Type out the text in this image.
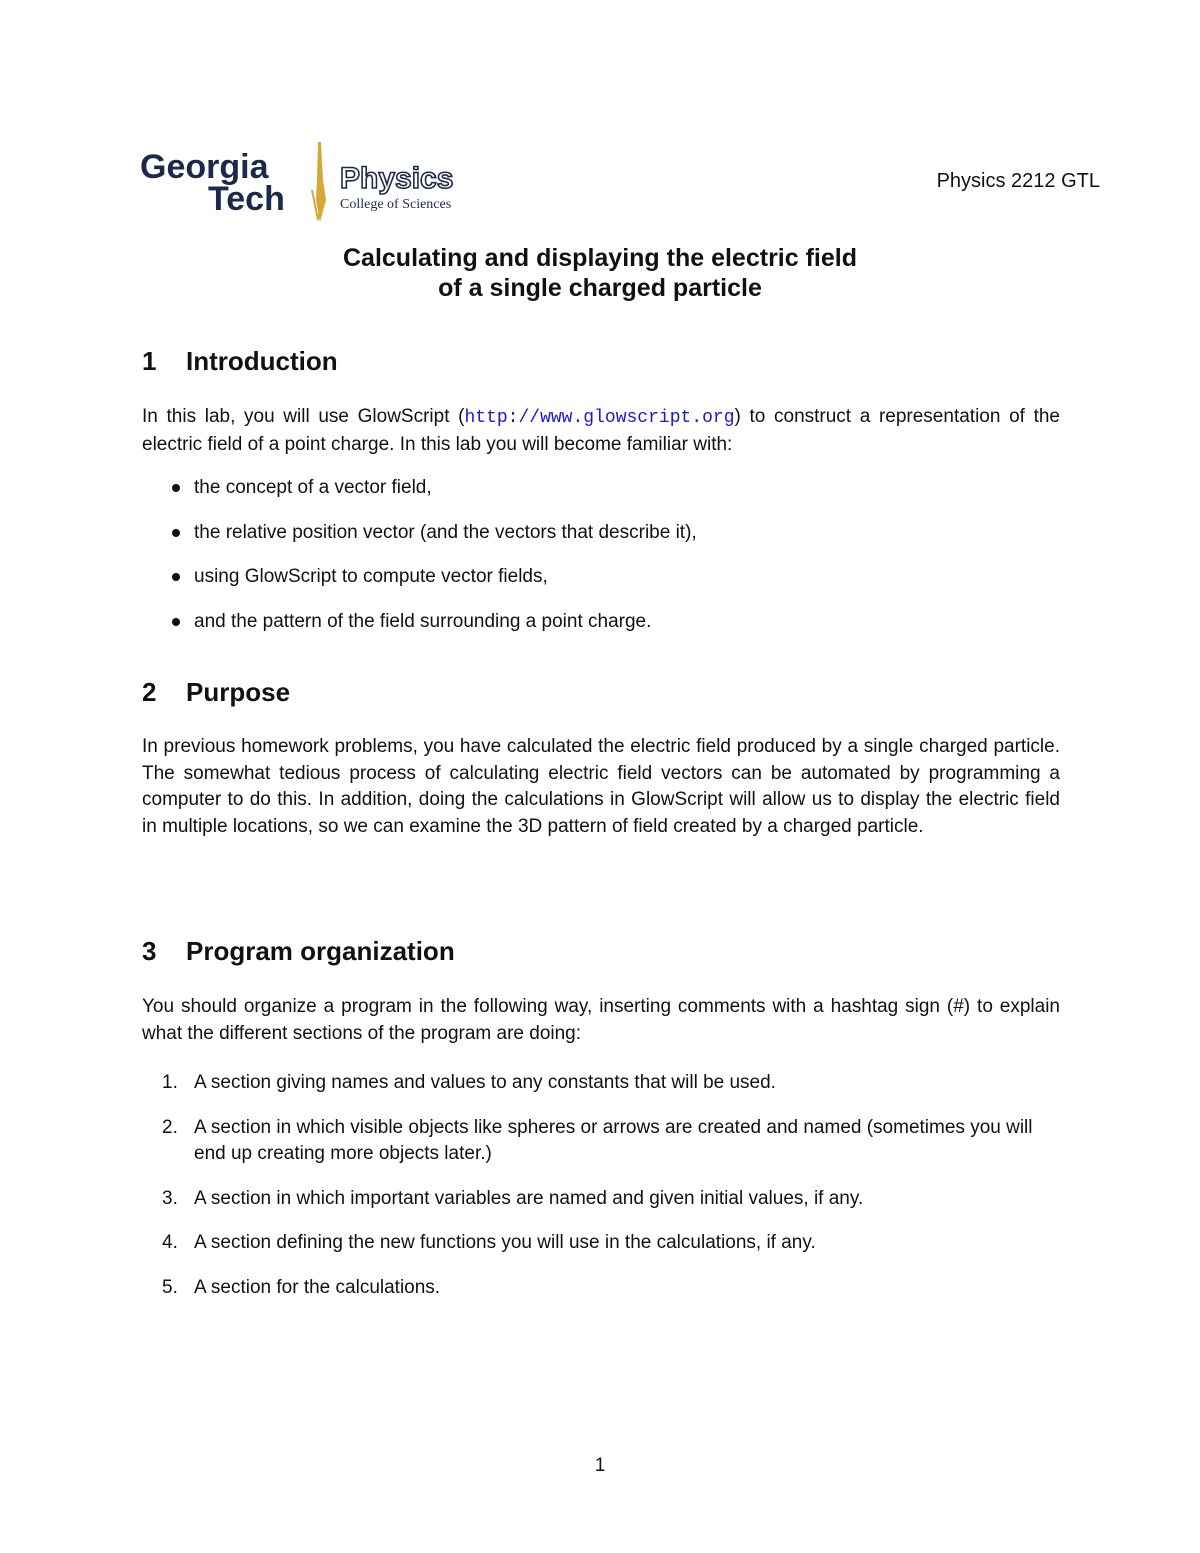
Georgia
Tech
Physics
College of Sciences
Physics 2212 GTL
Calculating and displaying the electric field
of a single charged particle
1	Introduction
In this lab, you will use GlowScript (http://www.glowscript.org) to construct a representation of the electric field of a point charge. In this lab you will become familiar with:
the concept of a vector field,
the relative position vector (and the vectors that describe it),
using GlowScript to compute vector fields,
and the pattern of the field surrounding a point charge.
2	Purpose
In previous homework problems, you have calculated the electric field produced by a single charged particle. The somewhat tedious process of calculating electric field vectors can be automated by programming a computer to do this. In addition, doing the calculations in GlowScript will allow us to display the electric field in multiple locations, so we can examine the 3D pattern of field created by a charged particle.
3	Program organization
You should organize a program in the following way, inserting comments with a hashtag sign (#) to explain what the different sections of the program are doing:
1. A section giving names and values to any constants that will be used.
2. A section in which visible objects like spheres or arrows are created and named (sometimes you will end up creating more objects later.)
3. A section in which important variables are named and given initial values, if any.
4. A section defining the new functions you will use in the calculations, if any.
5. A section for the calculations.
1
